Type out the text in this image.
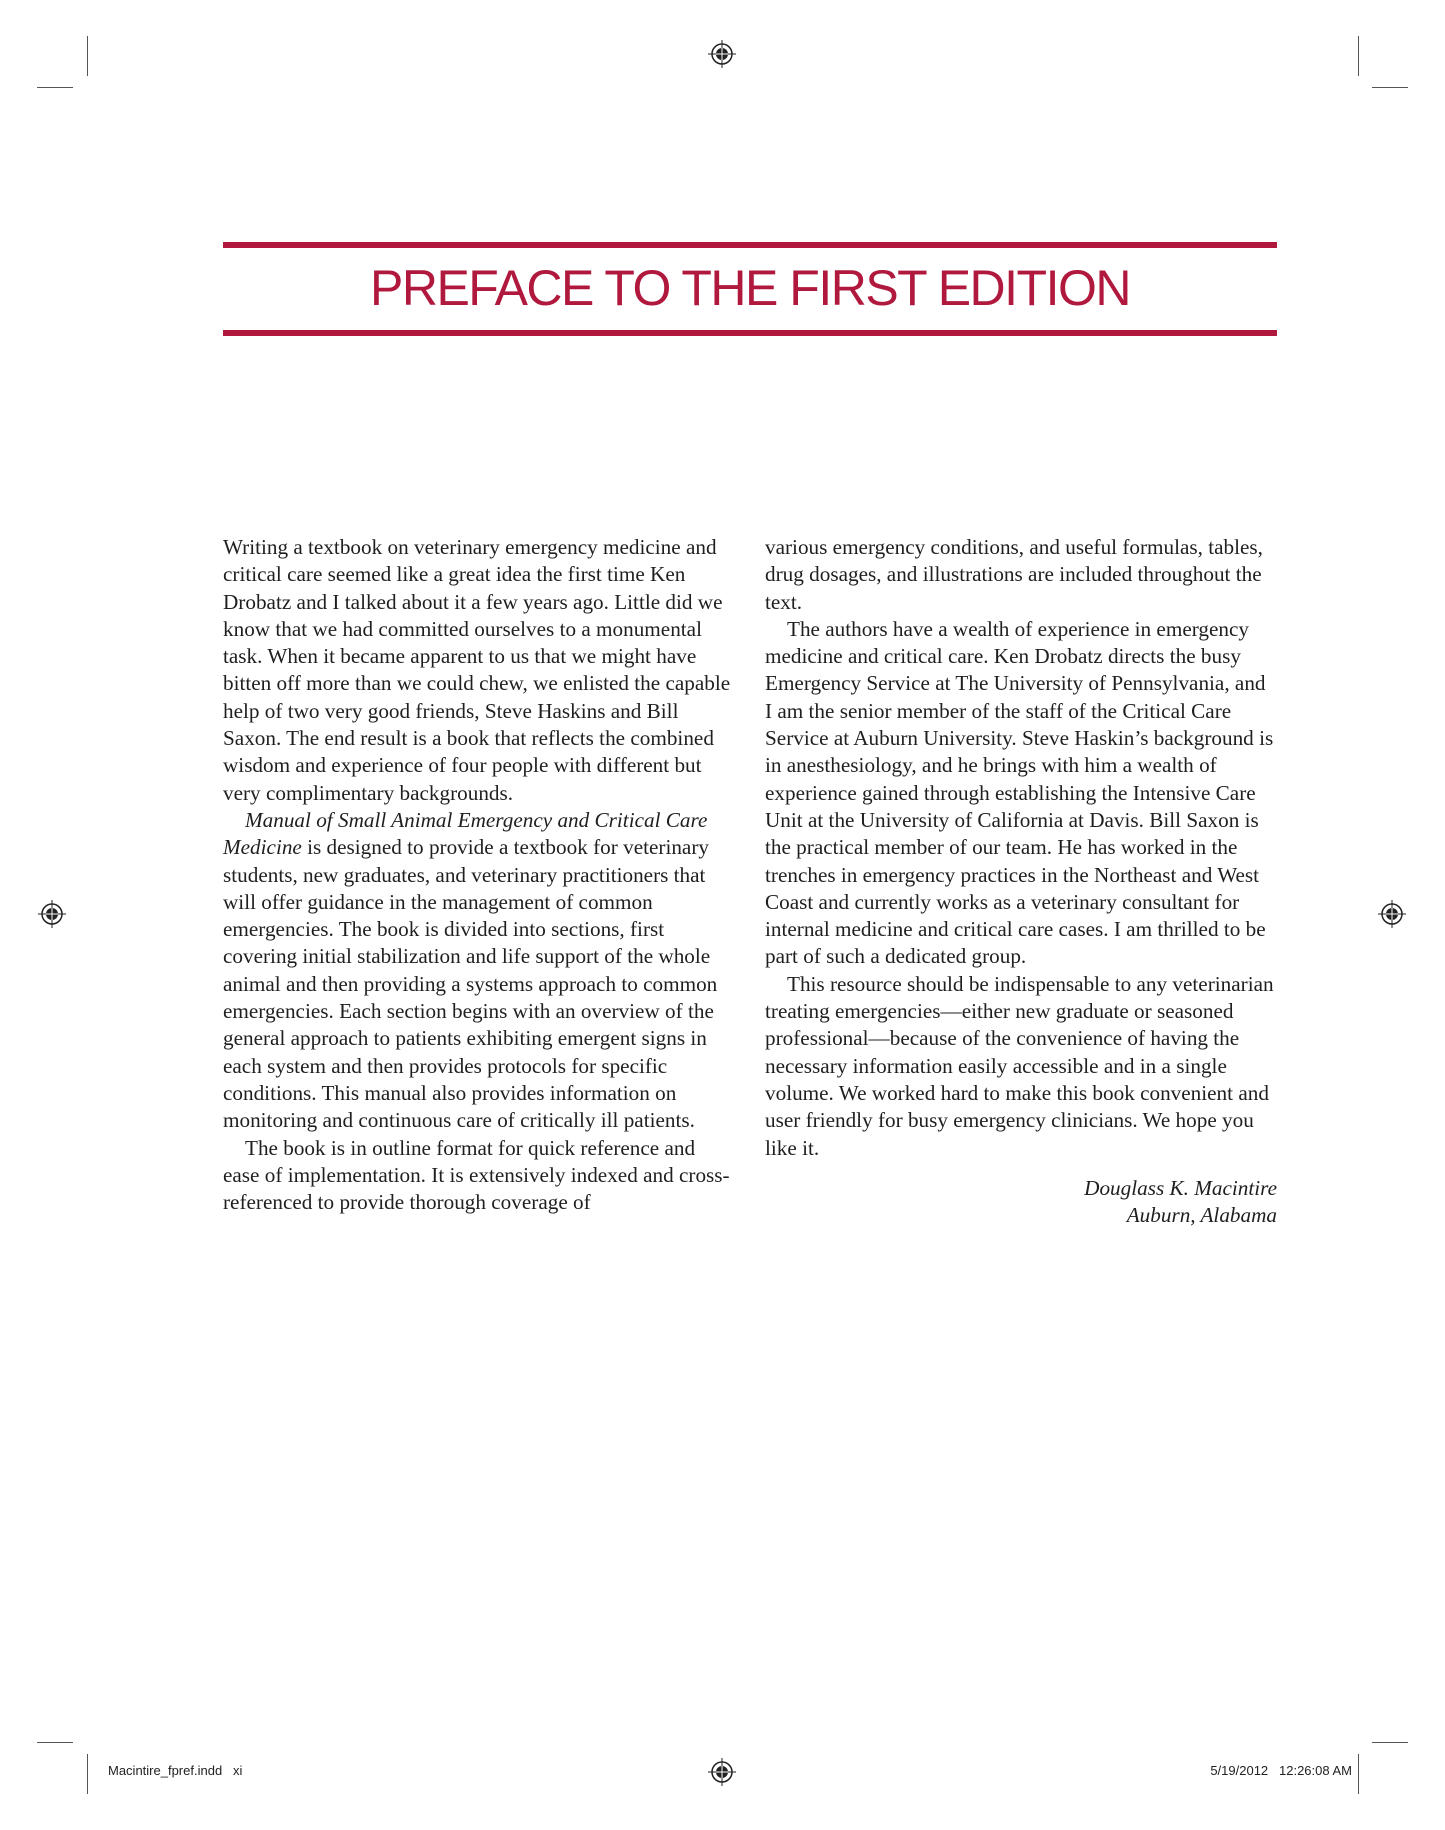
PREFACE TO THE FIRST EDITION

Writing a textbook on veterinary emergency medicine and critical care seemed like a great idea the first time Ken Drobatz and I talked about it a few years ago. Little did we know that we had committed ourselves to a monumental task. When it became apparent to us that we might have bitten off more than we could chew, we enlisted the capable help of two very good friends, Steve Haskins and Bill Saxon. The end result is a book that reflects the combined wisdom and experience of four people with different but very complimentary backgrounds.

Manual of Small Animal Emergency and Critical Care Medicine is designed to provide a textbook for veterinary students, new graduates, and veterinary practitioners that will offer guidance in the management of common emergencies. The book is divided into sections, first covering initial stabilization and life support of the whole animal and then providing a systems approach to common emergencies. Each section begins with an overview of the general approach to patients exhibiting emergent signs in each system and then provides protocols for specific conditions. This manual also provides information on monitoring and continuous care of critically ill patients.

The book is in outline format for quick reference and ease of implementation. It is extensively indexed and cross-referenced to provide thorough coverage of

various emergency conditions, and useful formulas, tables, drug dosages, and illustrations are included throughout the text.

The authors have a wealth of experience in emergency medicine and critical care. Ken Drobatz directs the busy Emergency Service at The University of Pennsylvania, and I am the senior member of the staff of the Critical Care Service at Auburn University. Steve Haskin’s background is in anesthesiology, and he brings with him a wealth of experience gained through establishing the Intensive Care Unit at the University of California at Davis. Bill Saxon is the practical member of our team. He has worked in the trenches in emergency practices in the Northeast and West Coast and currently works as a veterinary consultant for internal medicine and critical care cases. I am thrilled to be part of such a dedicated group.

This resource should be indispensable to any veterinarian treating emergencies—either new graduate or seasoned professional—because of the convenience of having the necessary information easily accessible and in a single volume. We worked hard to make this book convenient and user friendly for busy emergency clinicians. We hope you like it.

Douglass K. Macintire
Auburn, Alabama
Macintire_fpref.indd   xi	5/19/2012   12:26:08 AM
